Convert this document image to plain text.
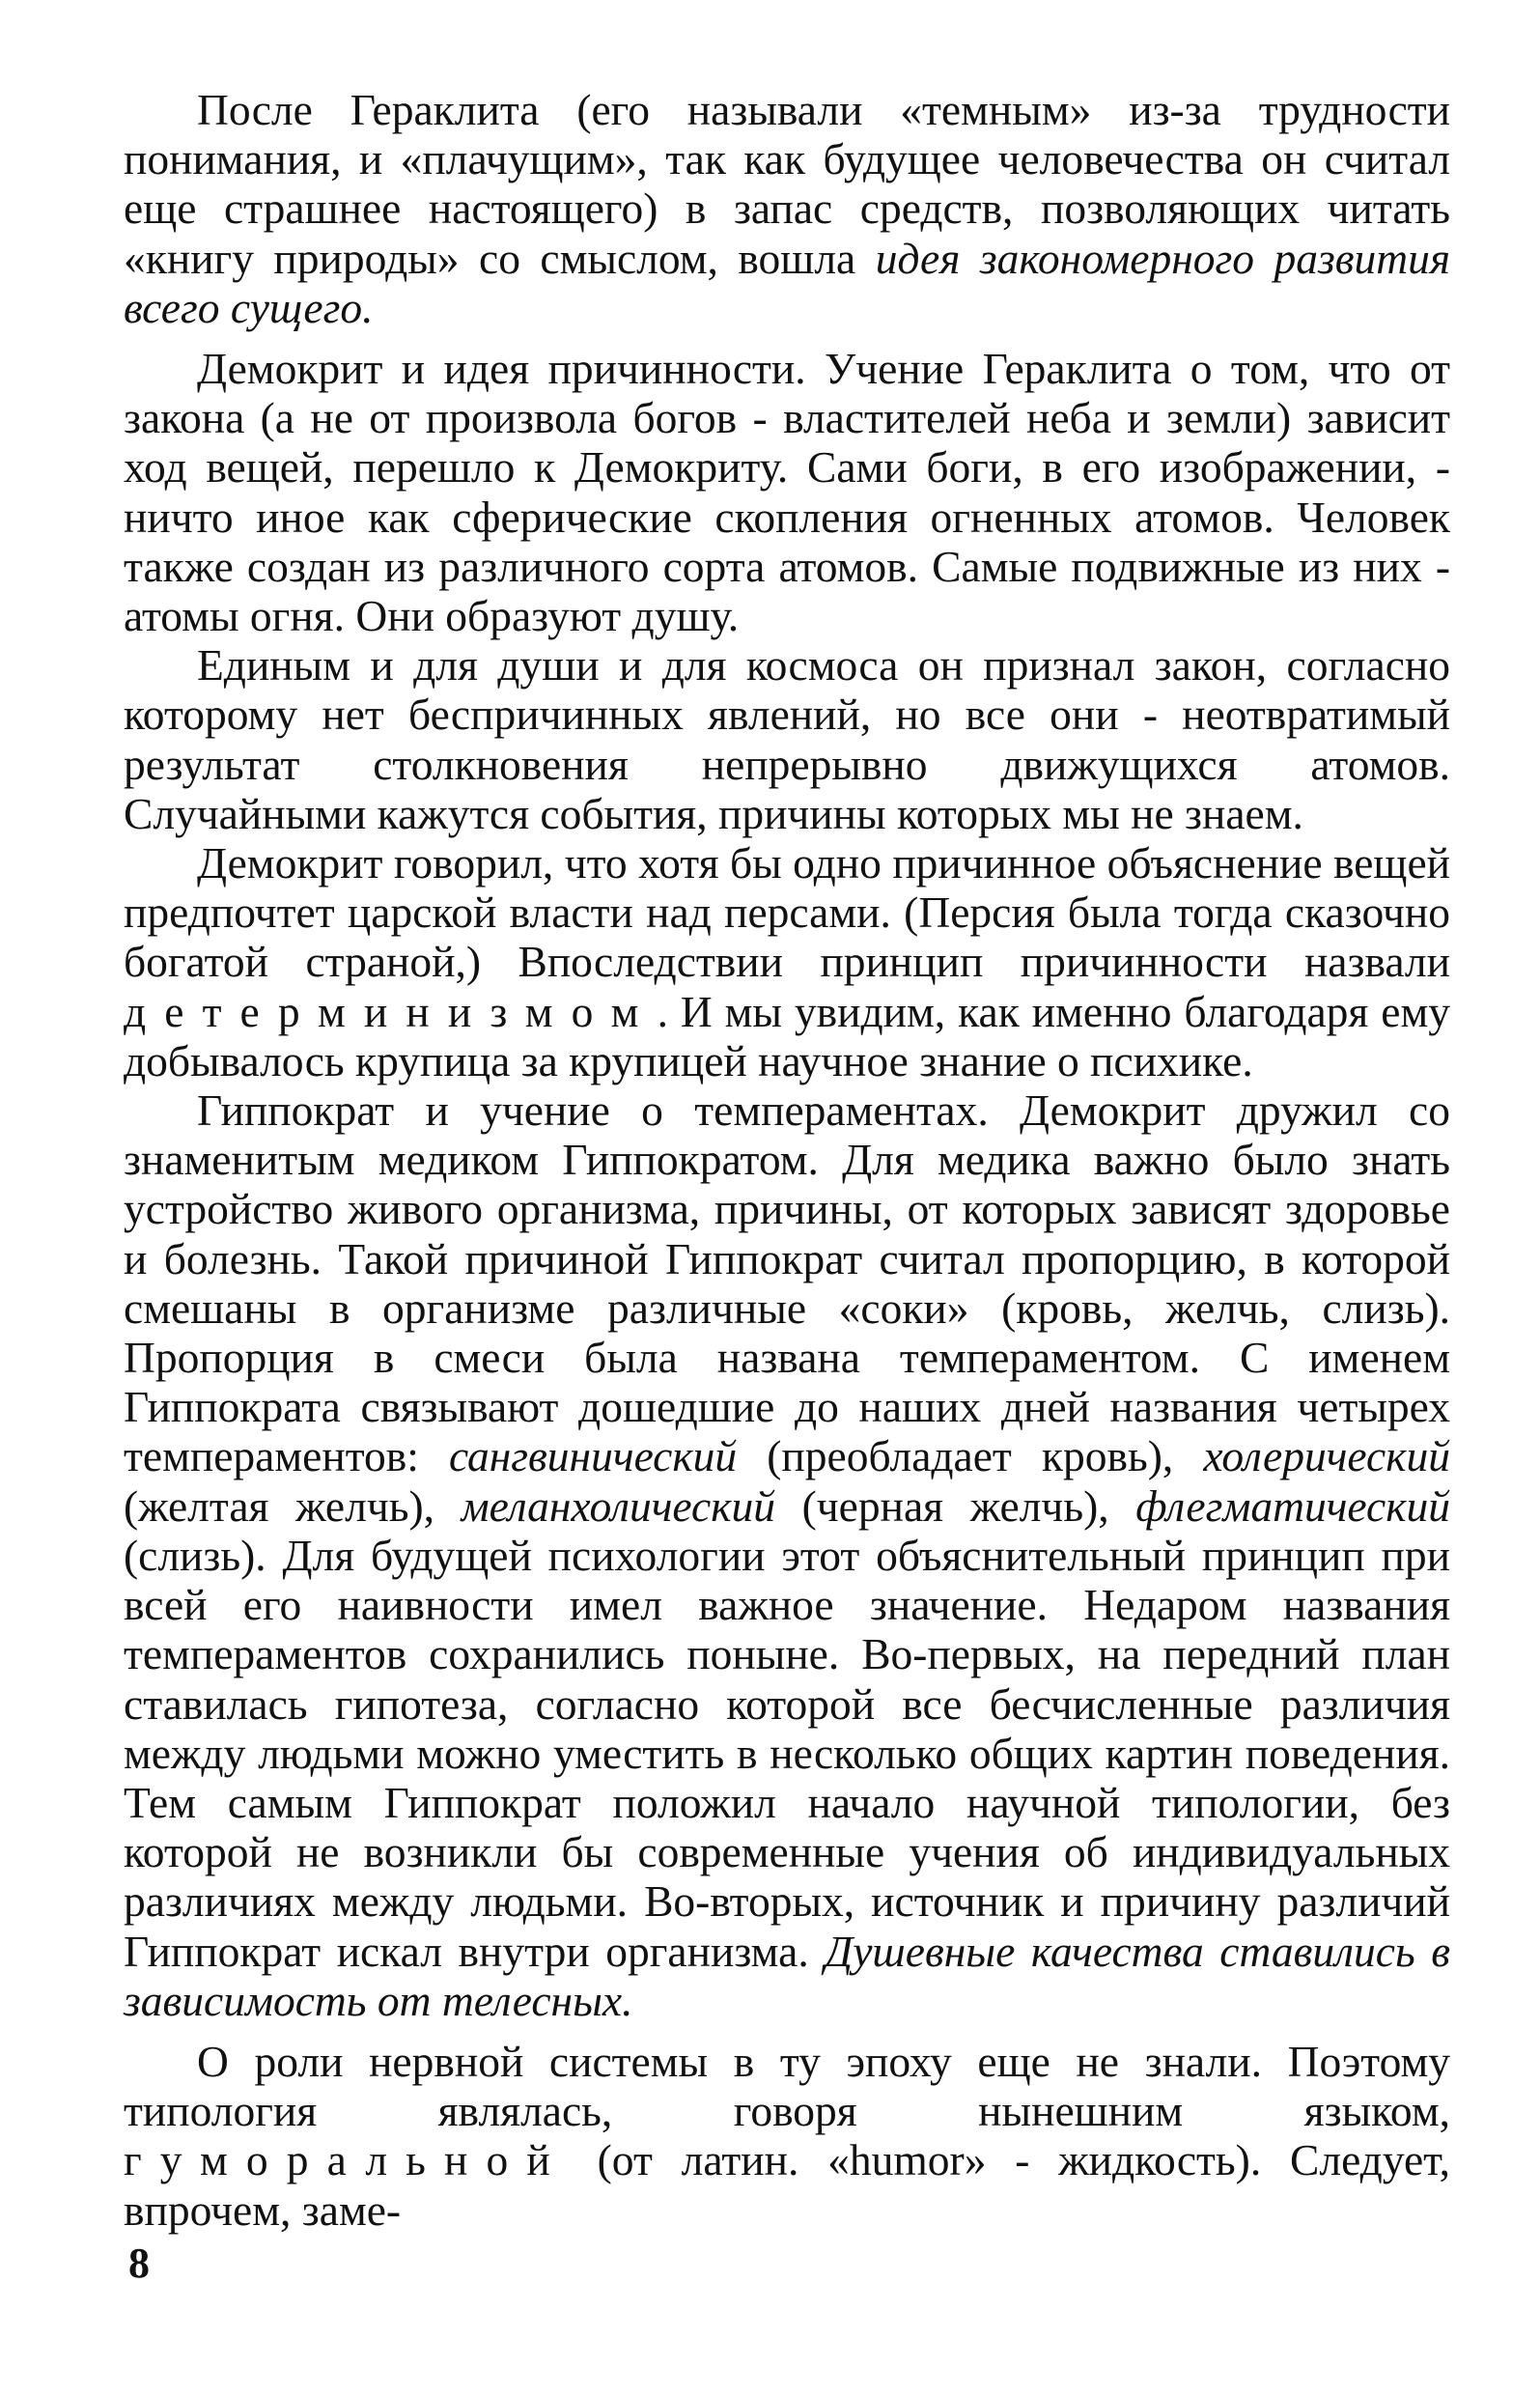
После Гераклита (его называли «темным» из-за трудности понимания, и «плачущим», так как будущее человечества он считал еще страшнее настоящего) в запас средств, позволяющих читать «книгу природы» со смыслом, вошла идея закономерного развития всего сущего.

Демокрит и идея причинности. Учение Гераклита о том, что от закона (а не от произвола богов - властителей неба и земли) зависит ход вещей, перешло к Демокриту. Сами боги, в его изображении, - ничто иное как сферические скопления огненных атомов. Человек также создан из различного сорта атомов. Самые подвижные из них - атомы огня. Они образуют душу.

Единым и для души и для космоса он признал закон, согласно которому нет беспричинных явлений, но все они - неотвратимый результат столкновения непрерывно движущихся атомов. Случайными кажутся события, причины которых мы не знаем.

Демокрит говорил, что хотя бы одно причинное объяснение вещей предпочтет царской власти над персами. (Персия была тогда сказочно богатой страной,) Впоследствии принцип причинности назвали детерминизмом. И мы увидим, как именно благодаря ему добывалось крупица за крупицей научное знание о психике.

Гиппократ и учение о темпераментах. Демокрит дружил со знаменитым медиком Гиппократом. Для медика важно было знать устройство живого организма, причины, от которых зависят здоровье и болезнь. Такой причиной Гиппократ считал пропорцию, в которой смешаны в организме различные «соки» (кровь, желчь, слизь). Пропорция в смеси была названа темпераментом. С именем Гиппократа связывают дошедшие до наших дней названия четырех темпераментов: сангвинический (преобладает кровь), холерический (желтая желчь), меланхолический (черная желчь), флегматический (слизь). Для будущей психологии этот объяснительный принцип при всей его наивности имел важное значение. Недаром названия темпераментов сохранились поныне. Во-первых, на передний план ставилась гипотеза, согласно которой все бесчисленные различия между людьми можно уместить в несколько общих картин поведения. Тем самым Гиппократ положил начало научной типологии, без которой не возникли бы современные учения об индивидуальных различиях между людьми. Во-вторых, источник и причину различий Гиппократ искал внутри организма. Душевные качества ставились в зависимость от телесных.

О роли нервной системы в ту эпоху еще не знали. Поэтому типология являлась, говоря нынешним языком, гуморальной (от латин. «humor» - жидкость). Следует, впрочем, заме-

8
